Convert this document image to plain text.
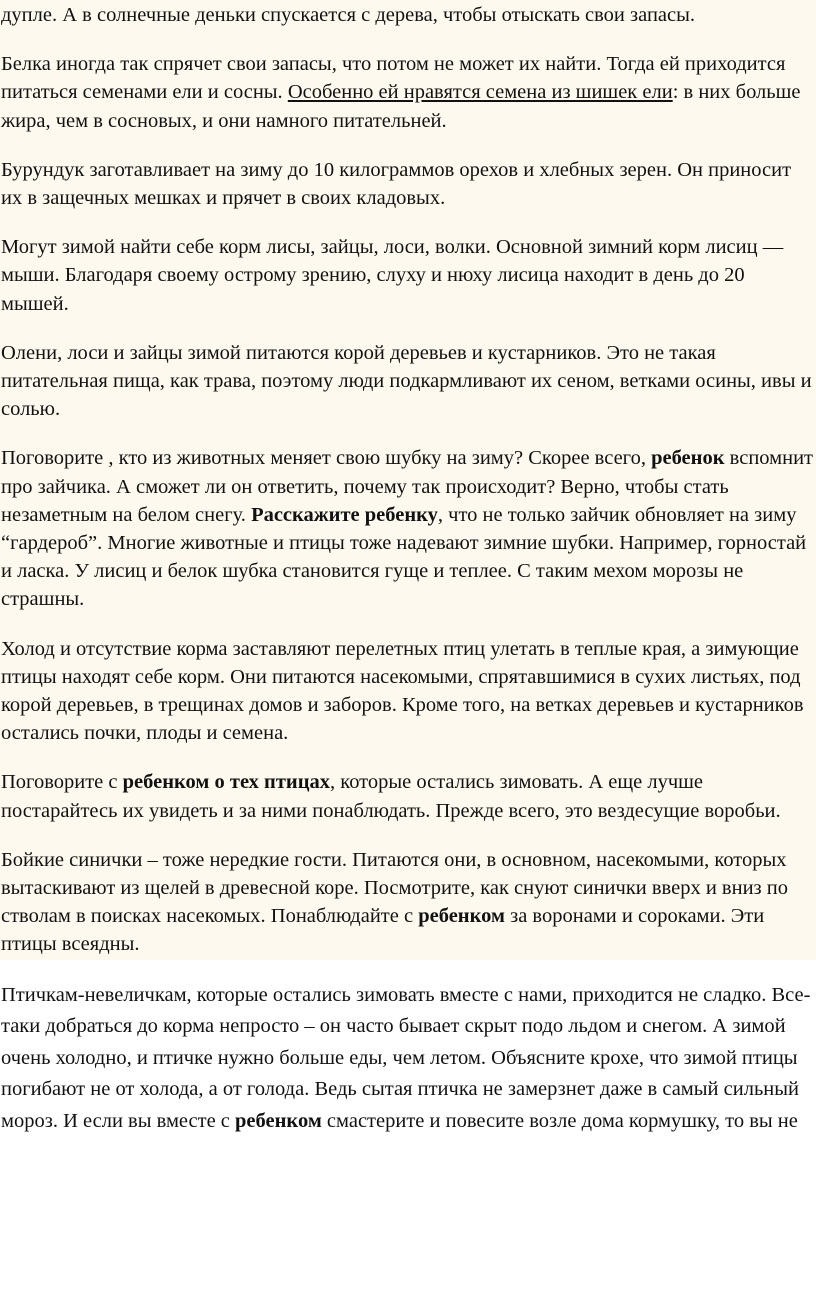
дупле. А в солнечные деньки спускается с дерева, чтобы отыскать свои запасы.

Белка иногда так спрячет свои запасы, что потом не может их найти. Тогда ей приходится питаться семенами ели и сосны. Особенно ей нравятся семена из шишек ели: в них больше жира, чем в сосновых, и они намного питательней.

Бурундук заготавливает на зиму до 10 килограммов орехов и хлебных зерен. Он приносит их в защечных мешках и прячет в своих кладовых.

Могут зимой найти себе корм лисы, зайцы, лоси, волки. Основной зимний корм лисиц — мыши. Благодаря своему острому зрению, слуху и нюху лисица находит в день до 20 мышей.

Олени, лоси и зайцы зимой питаются корой деревьев и кустарников. Это не такая питательная пища, как трава, поэтому люди подкармливают их сеном, ветками осины, ивы и солью.

Поговорите , кто из животных меняет свою шубку на зиму? Скорее всего, ребенок вспомнит про зайчика. А сможет ли он ответить, почему так происходит? Верно, чтобы стать незаметным на белом снегу. Расскажите ребенку, что не только зайчик обновляет на зиму “гардероб”. Многие животные и птицы тоже надевают зимние шубки. Например, горностай и ласка. У лисиц и белок шубка становится гуще и теплее. С таким мехом морозы не страшны.

Холод и отсутствие корма заставляют перелетных птиц улетать в теплые края, а зимующие птицы находят себе корм. Они питаются насекомыми, спрятавшимися в сухих листьях, под корой деревьев, в трещинах домов и заборов. Кроме того, на ветках деревьев и кустарников остались почки, плоды и семена.

Поговорите с ребенком о тех птицах, которые остались зимовать. А еще лучше постарайтесь их увидеть и за ними понаблюдать. Прежде всего, это вездесущие воробьи.

Бойкие синички – тоже нередкие гости. Питаются они, в основном, насекомыми, которых вытаскивают из щелей в древесной коре. Посмотрите, как снуют синички вверх и вниз по стволам в поисках насекомых. Понаблюдайте с ребенком за воронами и сороками. Эти птицы всеядны.

Птичкам-невеличкам, которые остались зимовать вместе с нами, приходится не сладко. Все-таки добраться до корма непросто – он часто бывает скрыт подо льдом и снегом. А зимой очень холодно, и птичке нужно больше еды, чем летом. Объясните крохе, что зимой птицы погибают не от холода, а от голода. Ведь сытая птичка не замерзнет даже в самый сильный мороз. И если вы вместе с ребенком смастерите и повесите возле дома кормушку, то вы не
